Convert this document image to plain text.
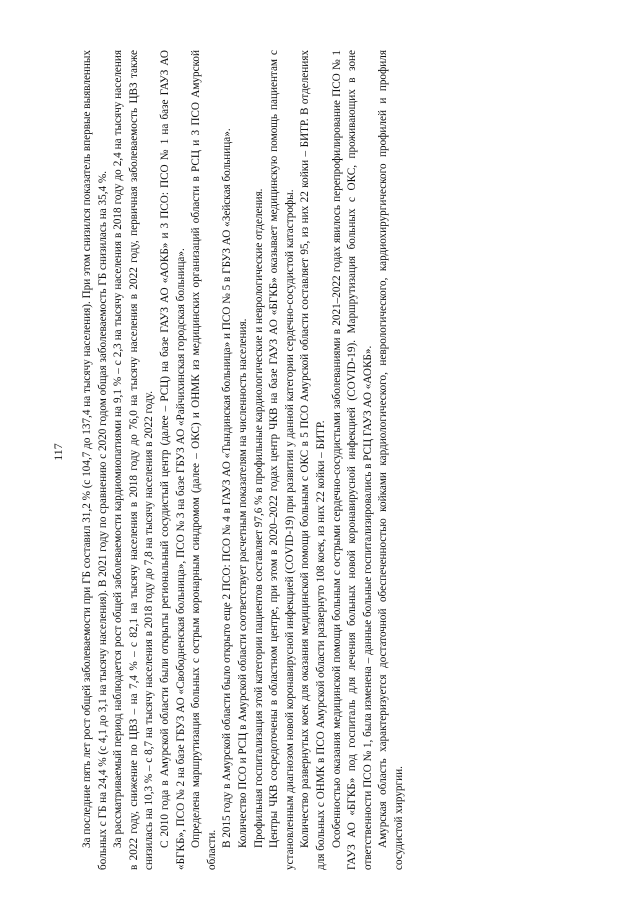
За последние пять лет рост общей заболеваемости при ГБ составил 31,2 % (с 104,7 до 137,4 на тысячу населения). При этом снизился показатель впервые выявленных больных с ГБ на 24,4 % (с 4,1 до 3,1 на тысячу населения). В 2021 году по сравнению с 2020 годом общая заболеваемость ГБ снизилась на 35,4 %. За рассматриваемый период наблюдается рост общей заболеваемости кардиомиопатиями на 9,1 % – с 2,3 на тысячу населения в 2018 году до 2,4 на тысячу населения в 2022 году, снижение по ЦВЗ – на 7,4 % – с 82,1 на тысячу населения в 2018 году до 76,0 на тысячу населения в 2022 году, первичная заболеваемость ЦВЗ также снизилась на 10,3 % – с 8,7 на тысячу населения в 2018 году до 7,8 на тысячу населения в 2022 году. С 2010 года в Амурской области были открыты региональный сосудистый центр (далее – РСЦ) на базе ГАУЗ АО «АОКБ» и 3 ПСО: ПСО № 1 на базе ГАУЗ АО «БГКБ», ПСО № 2 на базе ГБУЗ АО «Свободненская больница», ПСО № 3 на базе ГБУЗ АО «Райчихинская городская больница». Определена маршрутизация больных с острым коронарным синдромом (далее – ОКС) и ОНМК из медицинских организаций области в РСЦ и 3 ПСО Амурской области.

В 2015 году в Амурской области было открыто еще 2 ПСО: ПСО № 4 в ГАУЗ АО «Тындинская больница» и ПСО № 5 в ГБУЗ АО «Зейская больница». Количество ПСО и РСЦ в Амурской области соответствует расчетным показателям на численность населения. Профильная госпитализация этой категории пациентов составляет 97,6 % в профильные кардиологические и неврологические отделения. Центры ЧКВ сосредоточены в областном центре, при этом в 2020–2022 годах центр ЧКВ на базе ГАУЗ АО «БГКБ» оказывает медицинскую помощь пациентам с установленным диагнозом новой коронавирусной инфекцией (COVID-19) при развитии у данной категории сердечно-сосудистой катастрофы. Количество развернутых коек для оказания медицинской помощи больным с ОКС в 5 ПСО Амурской области составляет 95, из них 22 койки – БИТР. В отделениях для больных с ОНМК в ПСО Амурской области развернуто 108 коек, из них 22 койки – БИТР. Особенностью оказания медицинской помощи больным с острыми сердечно-сосудистыми заболеваниями в 2021–2022 годах явилось перепрофилирование ПСО № 1 ГАУЗ АО «БГКБ» под госпиталь для лечения больных новой коронавирусной инфекцией (COVID-19). Маршрутизация больных с ОКС, проживающих в зоне ответственности ПСО № 1, была изменена – данные больные госпитализировались в РСЦ ГАУЗ АО «АОКБ». Амурская область характеризуется достаточной обеспеченностью койками кардиологического, неврологического, кардиохирургического профилей и профиля сосудистой хирургии.

117
